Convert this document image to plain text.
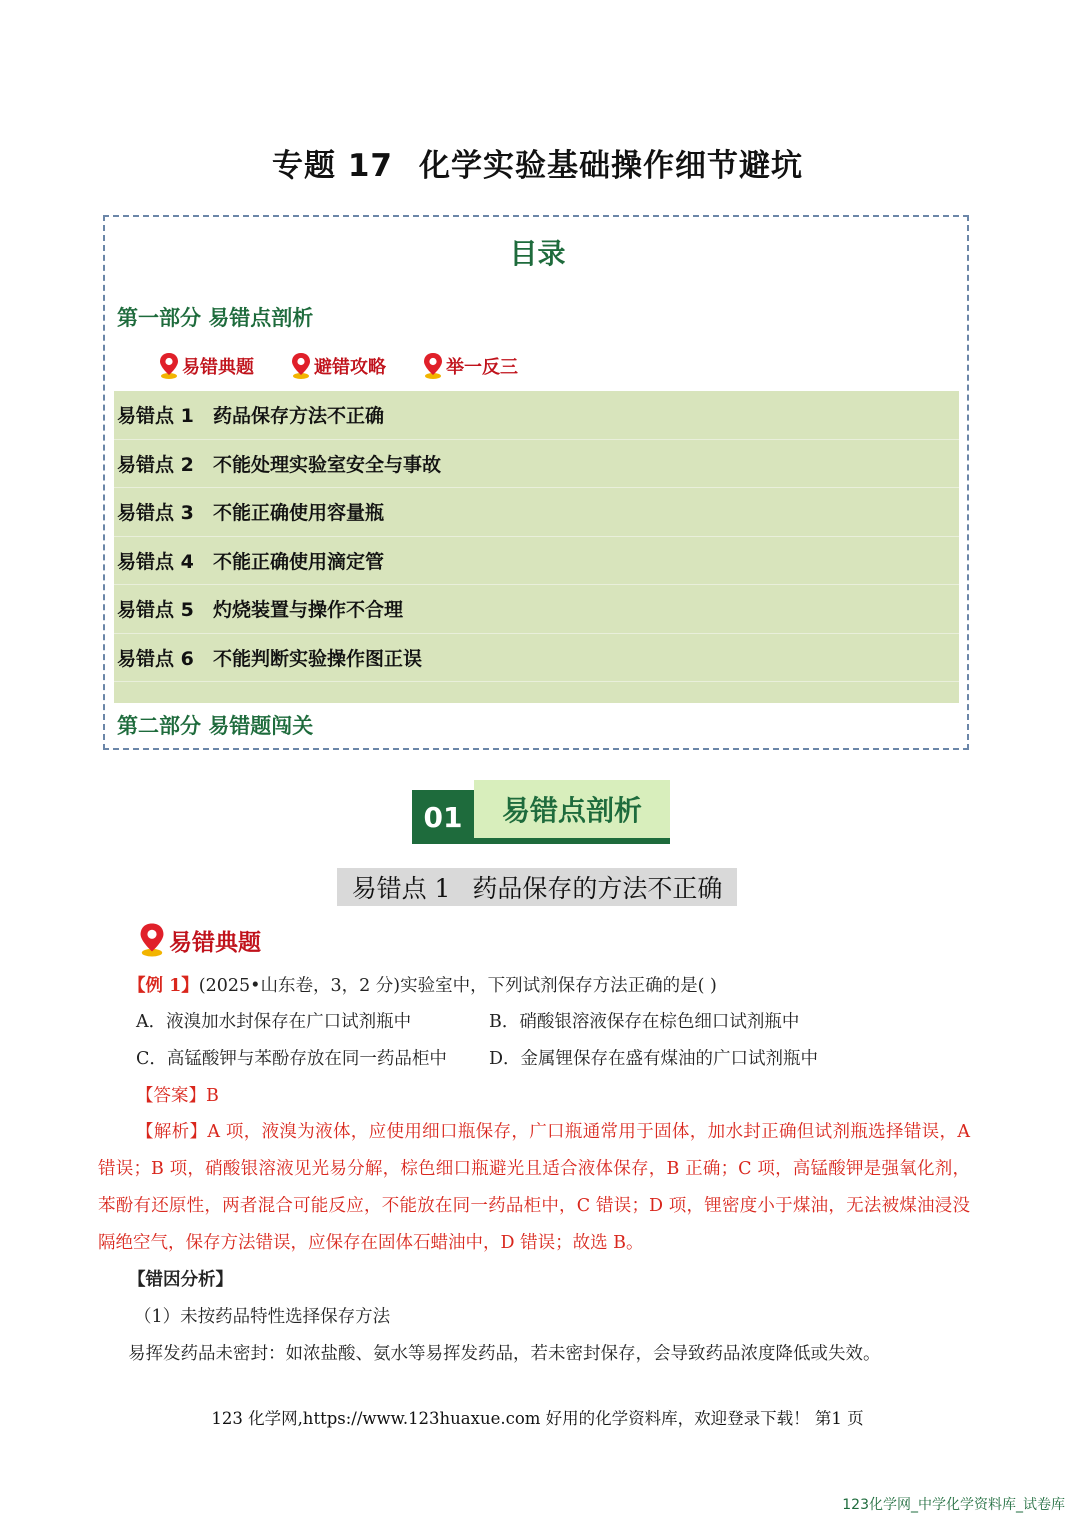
专题 17 化学实验基础操作细节避坑
目录
第一部分 易错点剖析
易错典题	避错攻略	举一反三
易错点 1	药品保存方法不正确
易错点 2	不能处理实验室安全与事故
易错点 3	不能正确使用容量瓶
易错点 4	不能正确使用滴定管
易错点 5	灼烧装置与操作不合理
易错点 6	不能判断实验操作图正误
第二部分 易错题闯关
01	易错点剖析
易错点 1 药品保存的方法不正确
易错典题
【例 1】(2025•山东卷，3，2 分)实验室中，下列试剂保存方法正确的是( )
A．液溴加水封保存在广口试剂瓶中	B．硝酸银溶液保存在棕色细口试剂瓶中
C．高锰酸钾与苯酚存放在同一药品柜中 D．金属锂保存在盛有煤油的广口试剂瓶中
【答案】B
【解析】A 项，液溴为液体，应使用细口瓶保存，广口瓶通常用于固体，加水封正确但试剂瓶选择错误，A 错误；B 项，硝酸银溶液见光易分解，棕色细口瓶避光且适合液体保存，B 正确；C 项，高锰酸钾是强氧化剂，苯酚有还原性，两者混合可能反应，不能放在同一药品柜中，C 错误；D 项，锂密度小于煤油，无法被煤油浸没隔绝空气，保存方法错误，应保存在固体石蜡油中，D 错误；故选 B。
【错因分析】
（1）未按药品特性选择保存方法
易挥发药品未密封：如浓盐酸、氨水等易挥发药品，若未密封保存，会导致药品浓度降低或失效。
123 化学网,https://www.123huaxue.com 好用的化学资料库，欢迎登录下载！ 第1 页
123化学网_中学化学资料库_试卷库
